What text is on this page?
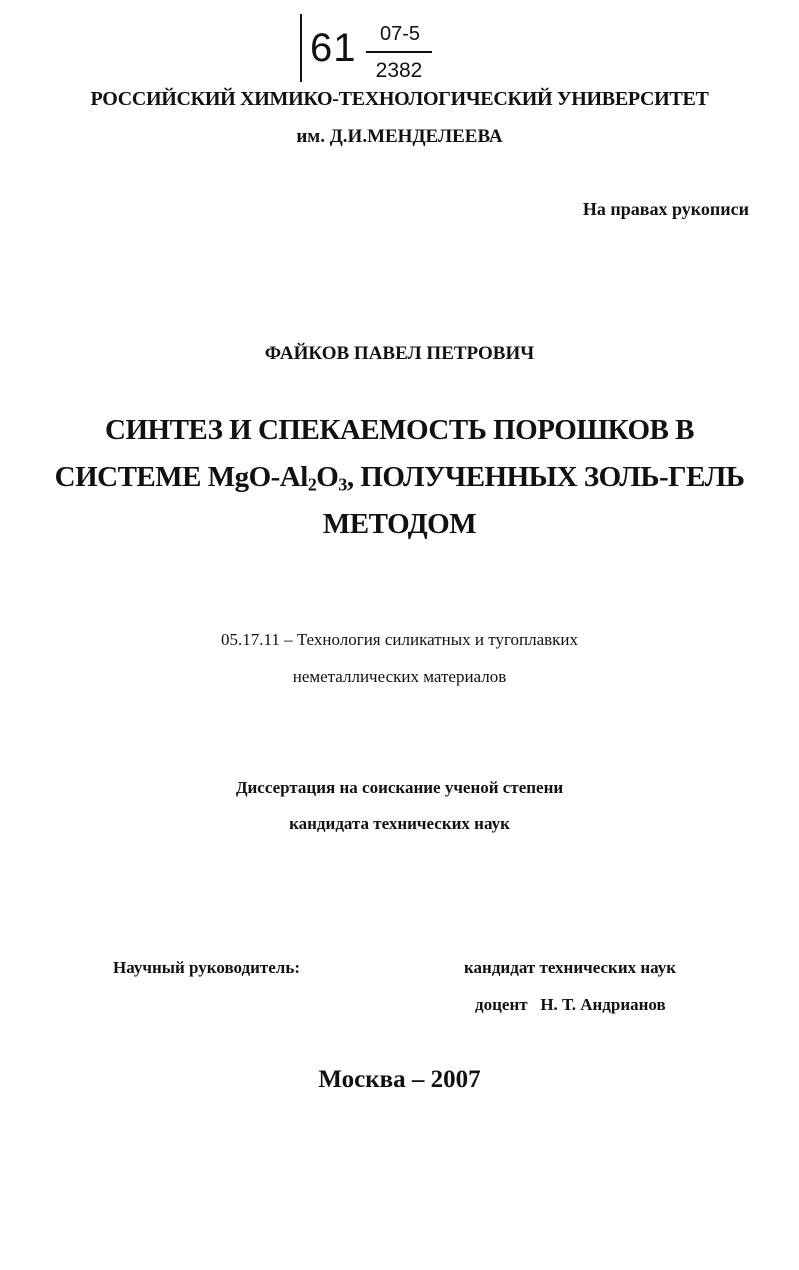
61	07-5
2382
РОССИЙСКИЙ ХИМИКО-ТЕХНОЛОГИЧЕСКИЙ УНИВЕРСИТЕТ
им. Д.И.МЕНДЕЛЕЕВА
На правах рукописи
ФАЙКОВ ПАВЕЛ ПЕТРОВИЧ
СИНТЕЗ И СПЕКАЕМОСТЬ ПОРОШКОВ В
СИСТЕМЕ MgO-$Al_2O_3$, ПОЛУЧЕННЫХ ЗОЛЬ-ГЕЛЬ
МЕТОДОМ
05.17.11 – Технология силикатных и тугоплавких
неметаллических материалов
Диссертация на соискание ученой степени
кандидата технических наук
Научный руководитель:	кандидат технических наук
доцент   Н. Т. Андрианов
Москва – 2007
